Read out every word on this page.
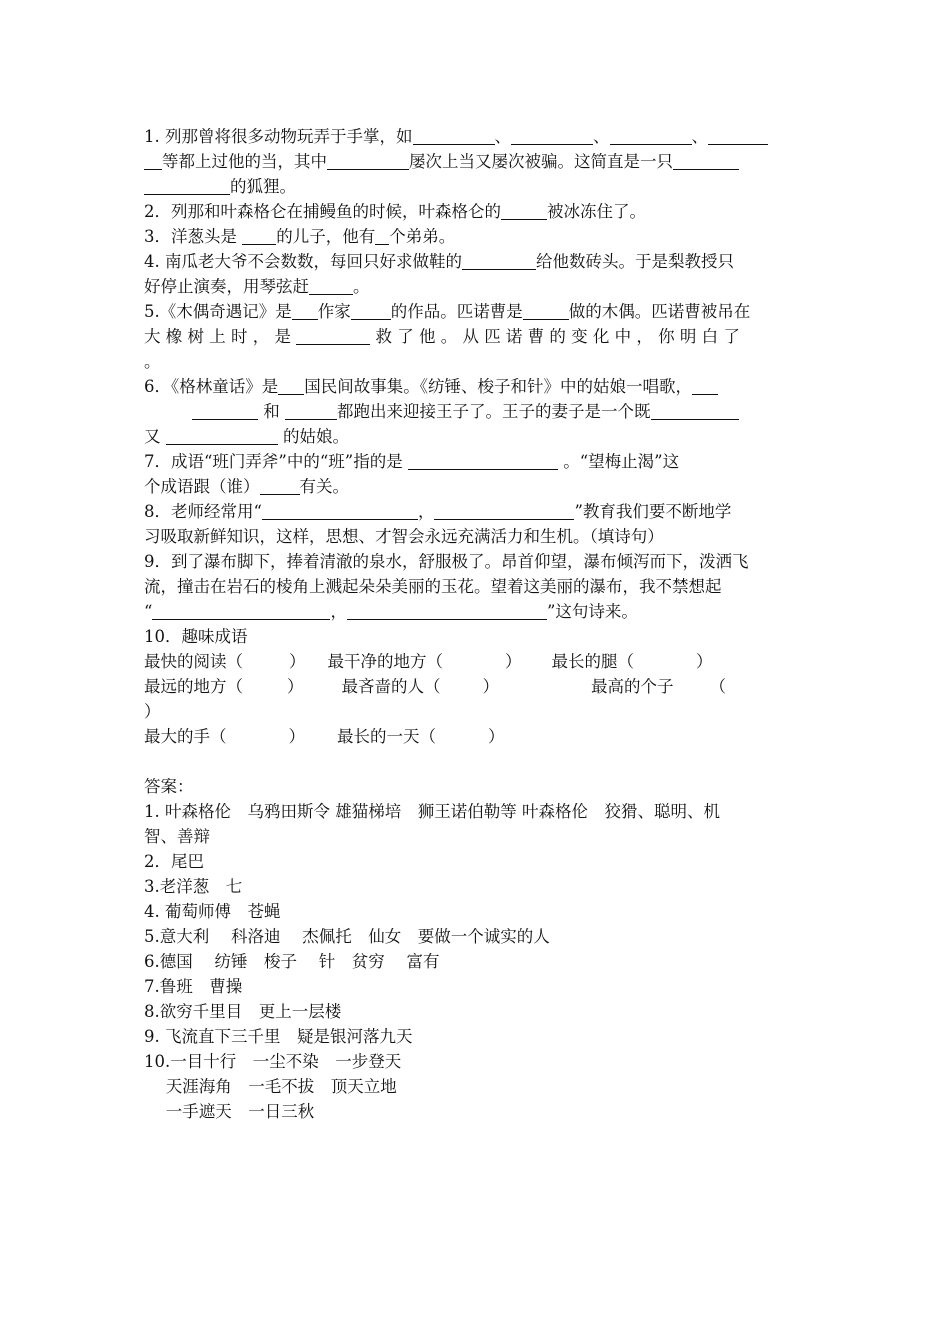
1. 列那曾将很多动物玩弄于手掌，如	、	、	、
等都上过他的当，其中	屡次上当又屡次被骗。这简直是一只
的狐狸。
2．列那和叶森格仑在捕鳗鱼的时候，叶森格仑的	被冰冻住了。
3．洋葱头是 的儿子，他有 个弟弟。
4. 南瓜老大爷不会数数，每回只好求做鞋的	给他数砖头。于是梨教授只
好停止演奏，用琴弦赶	。
5.《木偶奇遇记》是 作家 的作品。匹诺曹是	做的木偶。匹诺曹被吊在
大 橡 树 上 时 ， 是	救 了 他 。 从 匹 诺 曹 的 变 化 中 ， 你 明 白 了
。
6．《格林童话》是 国民间故事集。《纺锤、梭子和针》中的姑娘一唱歌，
和	都跑出来迎接王子了。王子的妻子是一个既
又	的姑娘。
7．成语“班门弄斧”中的“班”指的是	。“望梅止渴”这
个成语跟（谁） 有关。
8．老师经常用“	，	”教育我们要不断地学
习吸取新鲜知识，这样，思想、才智会永远充满活力和生机。（填诗句）
9．到了瀑布脚下，捧着清澈的泉水，舒服极了。昂首仰望，瀑布倾泻而下，泼洒飞
流，撞击在岩石的棱角上溅起朵朵美丽的玉花。望着这美丽的瀑布，我不禁想起
“	，	”这句诗来。
10．趣味成语
最快的阅读（	） 最干净的地方（	） 最长的腿（	）
最远的地方（	） 最吝啬的人（	）	最高的个子 （
）
最大的手（	） 最长的一天（	）
答案：
1. 叶森格伦　乌鸦田斯令 雄猫梯培　狮王诺伯勒等 叶森格伦　狡猾、聪明、机
智、善辩
2．尾巴
3.老洋葱　七
4. 葡萄师傅　苍蝇
5.意大利　 科洛迪　 杰佩托　仙女　要做一个诚实的人
6.德国　 纺锤　梭子　 针　贫穷　 富有
7.鲁班　曹操
8.欲穷千里目　更上一层楼
9. 飞流直下三千里　疑是银河落九天
10.一目十行　一尘不染　一步登天
　 天涯海角　一毛不拔　顶天立地
　 一手遮天　一日三秋
